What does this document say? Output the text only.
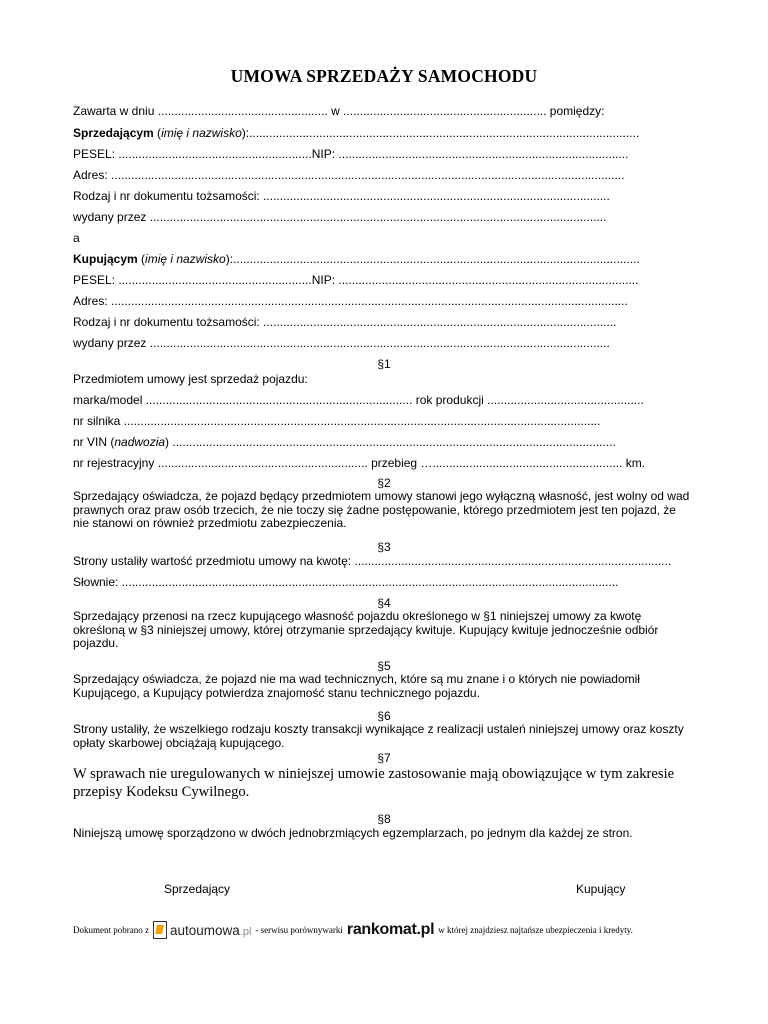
UMOWA SPRZEDAŻY SAMOCHODU
Zawarta w dniu ................................................... w ............................................................. pomiędzy:
Sprzedającym (imię i nazwisko):.....................................................................................................................
PESEL: ..........................................................NIP: .......................................................................................
Adres: ..........................................................................................................................................................
Rodzaj i nr dokumentu tożsamości: ........................................................................................................
wydany przez .........................................................................................................................................
a
Kupującym (imię i nazwisko):..........................................................................................................................
PESEL: ..........................................................NIP: ..........................................................................................
Adres: ...........................................................................................................................................................
Rodzaj i nr dokumentu tożsamości: ..........................................................................................................
wydany przez ..........................................................................................................................................
§1
Przedmiotem umowy jest sprzedaż pojazdu:
marka/model ................................................................................ rok produkcji ...............................................
nr silnika ...............................................................................................................................................
nr VIN (nadwozia) .....................................................................................................................................
nr rejestracyjny ............................................................... przebieg …......................................................... km.
§2
Sprzedający oświadcza, że pojazd będący przedmiotem umowy stanowi jego wyłączną własność, jest wolny od wad prawnych oraz praw osób trzecich, że nie toczy się żadne postępowanie, którego przedmiotem jest ten pojazd, że nie stanowi on również przedmiotu zabezpieczenia.
§3
Strony ustaliły wartość przedmiotu umowy na kwotę: ...............................................................................................
Słownie: .....................................................................................................................................................
§4
Sprzedający przenosi na rzecz kupującego własność pojazdu określonego w §1 niniejszej umowy za kwotę określoną w §3 niniejszej umowy, której otrzymanie sprzedający kwituje. Kupujący kwituje jednocześnie odbiór pojazdu.
§5
Sprzedający oświadcza, że pojazd nie ma wad technicznych, które są mu znane i o których nie powiadomił Kupującego, a Kupujący potwierdza znajomość stanu technicznego pojazdu.
§6
Strony ustaliły, że wszelkiego rodzaju koszty transakcji wynikające z realizacji ustaleń niniejszej umowy oraz koszty opłaty skarbowej obciążają kupującego.
§7
W sprawach nie uregulowanych w niniejszej umowie zastosowanie mają obowiązujące w tym zakresie przepisy Kodeksu Cywilnego.
§8
Niniejszą umowę sporządzono w dwóch jednobrzmiących egzemplarzach, po jednym dla każdej ze stron.
Sprzedający	Kupujący
Dokument pobrano z autoumowa.pl - serwisu porównywarki rankomat.pl w której znajdziesz najtańsze ubezpieczenia i kredyty.
